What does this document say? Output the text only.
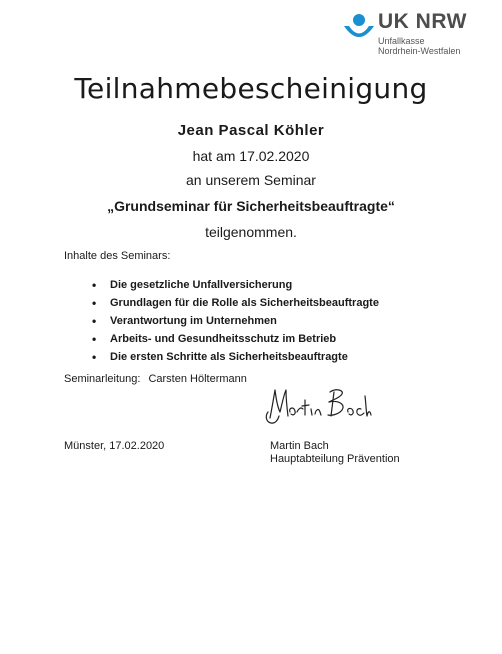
UK NRW
Unfallkasse
Nordrhein-Westfalen
Teilnahmebescheinigung
Jean Pascal Köhler
hat am 17.02.2020
an unserem Seminar
„Grundseminar für Sicherheitsbeauftragte“
teilgenommen.
Inhalte des Seminars:
• Die gesetzliche Unfallversicherung
• Grundlagen für die Rolle als Sicherheitsbeauftragte
• Verantwortung im Unternehmen
• Arbeits- und Gesundheitsschutz im Betrieb
• Die ersten Schritte als Sicherheitsbeauftragte
Seminarleitung: Carsten Höltermann
Münster, 17.02.2020	Martin Bach
Hauptabteilung Prävention
